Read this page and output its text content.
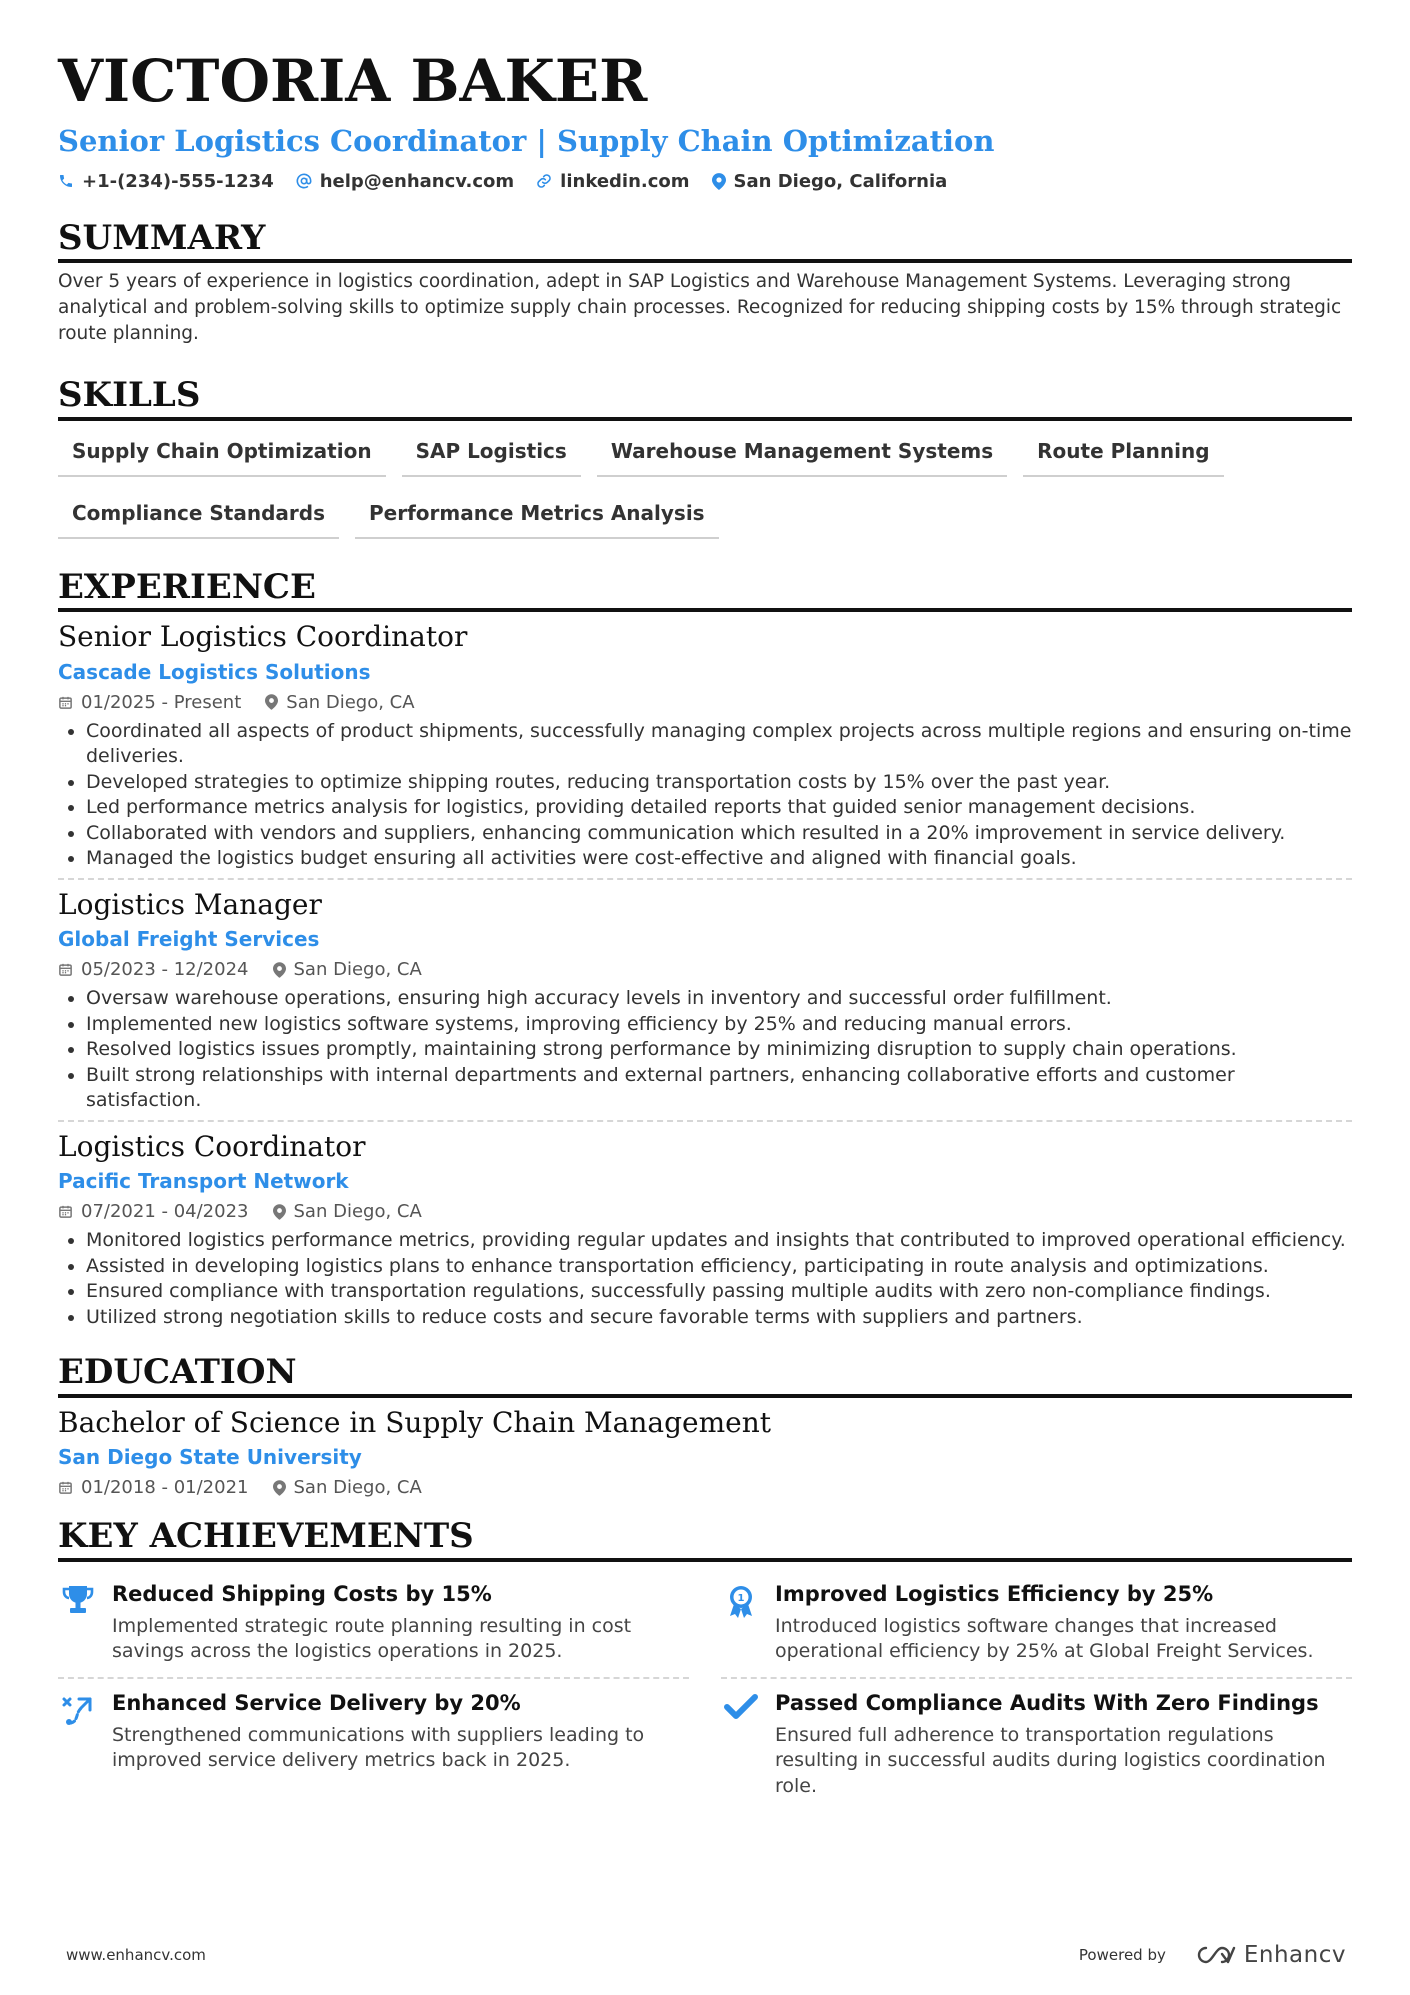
VICTORIA BAKER
Senior Logistics Coordinator | Supply Chain Optimization
+1-(234)-555-1234	help@enhancv.com	linkedin.com San Diego, California
SUMMARY
Over 5 years of experience in logistics coordination, adept in SAP Logistics and Warehouse Management Systems. Leveraging strong analytical and problem-solving skills to optimize supply chain processes. Recognized for reducing shipping costs by 15% through strategic route planning.
SKILLS
Supply Chain Optimization	SAP Logistics	Warehouse Management Systems	Route Planning
Compliance Standards	Performance Metrics Analysis
EXPERIENCE
Senior Logistics Coordinator
Cascade Logistics Solutions
01/2025 - Present	San Diego, CA
• Coordinated all aspects of product shipments, successfully managing complex projects across multiple regions and ensuring on-time deliveries.
• Developed strategies to optimize shipping routes, reducing transportation costs by 15% over the past year.
• Led performance metrics analysis for logistics, providing detailed reports that guided senior management decisions.
• Collaborated with vendors and suppliers, enhancing communication which resulted in a 20% improvement in service delivery.
• Managed the logistics budget ensuring all activities were cost-effective and aligned with financial goals.
Logistics Manager
Global Freight Services
05/2023 - 12/2024	San Diego, CA
• Oversaw warehouse operations, ensuring high accuracy levels in inventory and successful order fulfillment.
• Implemented new logistics software systems, improving efficiency by 25% and reducing manual errors.
• Resolved logistics issues promptly, maintaining strong performance by minimizing disruption to supply chain operations.
• Built strong relationships with internal departments and external partners, enhancing collaborative efforts and customer satisfaction.
Logistics Coordinator
Pacific Transport Network
07/2021 - 04/2023	San Diego, CA
• Monitored logistics performance metrics, providing regular updates and insights that contributed to improved operational efficiency.
• Assisted in developing logistics plans to enhance transportation efficiency, participating in route analysis and optimizations.
• Ensured compliance with transportation regulations, successfully passing multiple audits with zero non-compliance findings.
• Utilized strong negotiation skills to reduce costs and secure favorable terms with suppliers and partners.
EDUCATION
Bachelor of Science in Supply Chain Management
San Diego State University
01/2018 - 01/2021	San Diego, CA
KEY ACHIEVEMENTS
Reduced Shipping Costs by 15%
Implemented strategic route planning resulting in cost savings across the logistics operations in 2025.
1 Improved Logistics Efficiency by 25%
Introduced logistics software changes that increased operational efficiency by 25% at Global Freight Services.
Enhanced Service Delivery by 20%
Strengthened communications with suppliers leading to improved service delivery metrics back in 2025.
Passed Compliance Audits With Zero Findings
Ensured full adherence to transportation regulations resulting in successful audits during logistics coordination role.
www.enhancv.com	Powered by	Enhancv
